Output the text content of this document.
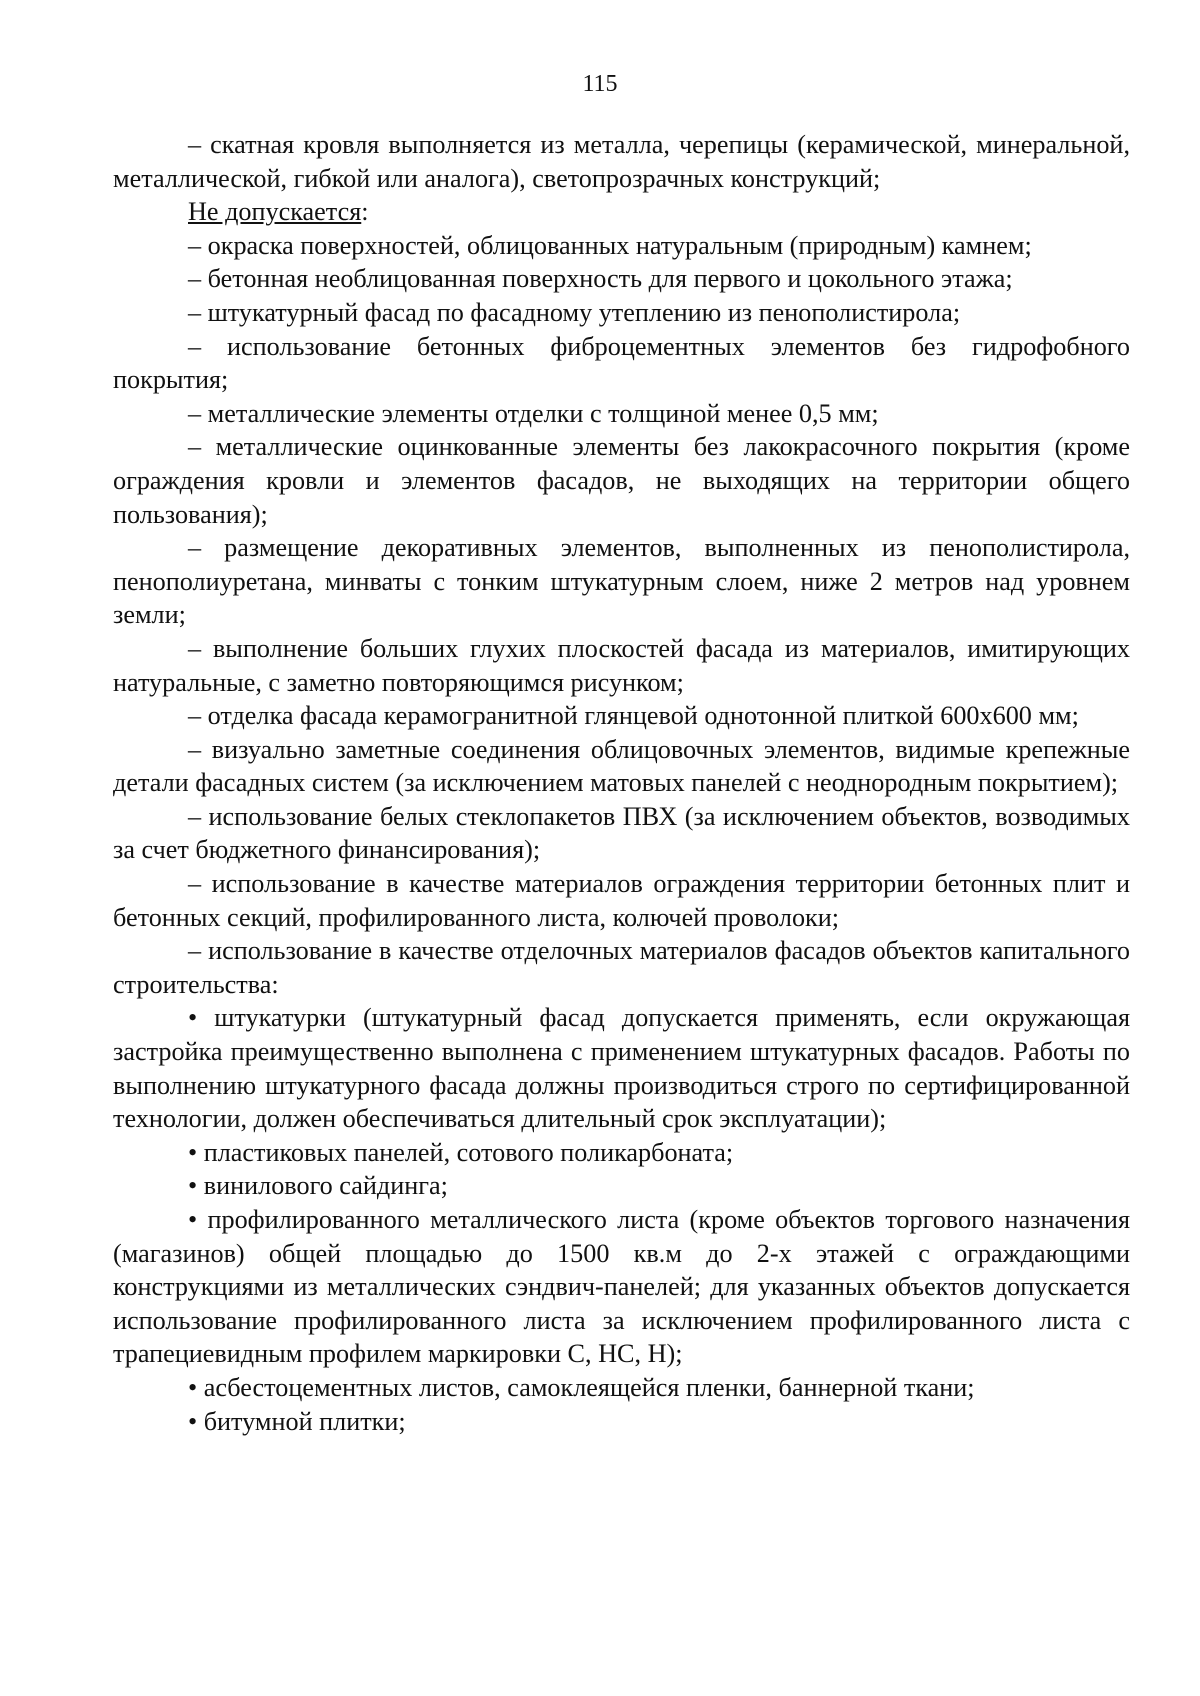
115

– скатная кровля выполняется из металла, черепицы (керамической, минеральной, металлической, гибкой или аналога), светопрозрачных конструкций;

Не допускается:

– окраска поверхностей, облицованных натуральным (природным) камнем;

– бетонная необлицованная поверхность для первого и цокольного этажа;

– штукатурный фасад по фасадному утеплению из пенополистирола;

– использование бетонных фиброцементных элементов без гидрофобного покрытия;

– металлические элементы отделки с толщиной менее 0,5 мм;

– металлические оцинкованные элементы без лакокрасочного покрытия (кроме ограждения кровли и элементов фасадов, не выходящих на территории общего пользования);

– размещение декоративных элементов, выполненных из пенополистирола, пенополиуретана, минваты с тонким штукатурным слоем, ниже 2 метров над уровнем земли;

– выполнение больших глухих плоскостей фасада из материалов, имитирующих натуральные, с заметно повторяющимся рисунком;

– отделка фасада керамогранитной глянцевой однотонной плиткой 600х600 мм;

– визуально заметные соединения облицовочных элементов, видимые крепежные детали фасадных систем (за исключением матовых панелей с неоднородным покрытием);

– использование белых стеклопакетов ПВХ (за исключением объектов, возводимых за счет бюджетного финансирования);

– использование в качестве материалов ограждения территории бетонных плит и бетонных секций, профилированного листа, колючей проволоки;

– использование в качестве отделочных материалов фасадов объектов капитального строительства:

• штукатурки (штукатурный фасад допускается применять, если окружающая застройка преимущественно выполнена с применением штукатурных фасадов. Работы по выполнению штукатурного фасада должны производиться строго по сертифицированной технологии, должен обеспечиваться длительный срок эксплуатации);

• пластиковых панелей, сотового поликарбоната;

• винилового сайдинга;

• профилированного металлического листа (кроме объектов торгового назначения (магазинов) общей площадью до 1500 кв.м до 2-х этажей с ограждающими конструкциями из металлических сэндвич-панелей; для указанных объектов допускается использование профилированного листа за исключением профилированного листа с трапециевидным профилем маркировки С, НС, Н);

• асбестоцементных листов, самоклеящейся пленки, баннерной ткани;

• битумной плитки;
